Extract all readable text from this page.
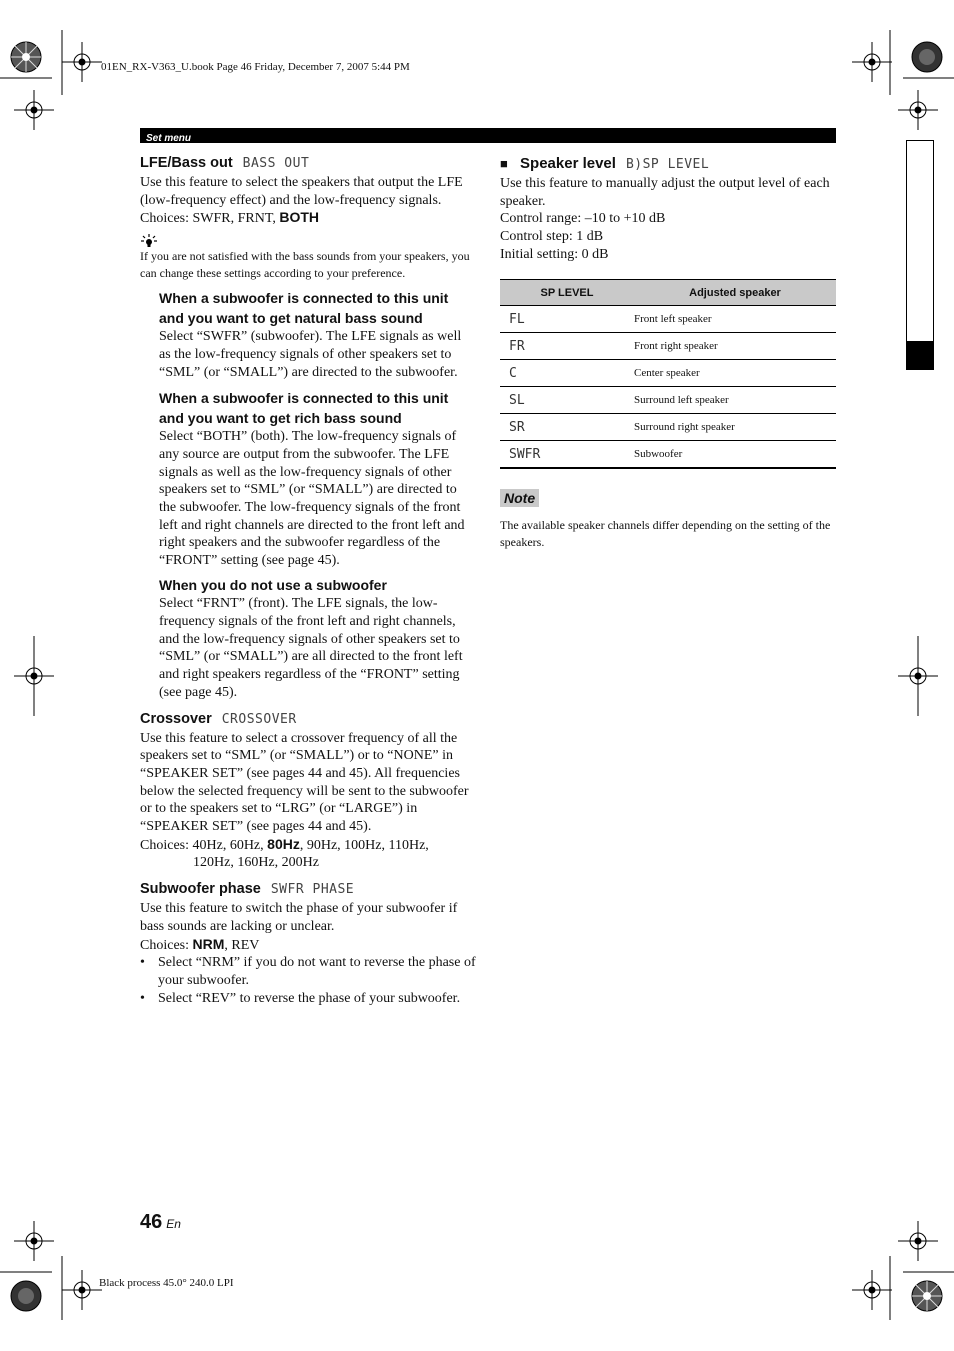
01EN_RX-V363_U.book Page 46 Friday, December 7, 2007 5:44 PM
Black process 45.0° 240.0 LPI
Set menu
LFE/Bass out BASS OUT

Use this feature to select the speakers that output the LFE (low-frequency effect) and the low-frequency signals.

Choices: SWFR, FRNT, BOTH

If you are not satisfied with the bass sounds from your speakers, you can change these settings according to your preference.

When a subwoofer is connected to this unit and you want to get natural bass sound

Select “SWFR” (subwoofer). The LFE signals as well as the low-frequency signals of other speakers set to “SML” (or “SMALL”) are directed to the subwoofer.

When a subwoofer is connected to this unit and you want to get rich bass sound

Select “BOTH” (both). The low-frequency signals of any source are output from the subwoofer. The LFE signals as well as the low-frequency signals of other speakers set to “SML” (or “SMALL”) are directed to the subwoofer. The low-frequency signals of the front left and right channels are directed to the front left and right speakers and the subwoofer regardless of the “FRONT” setting (see page 45).

When you do not use a subwoofer

Select “FRNT” (front). The LFE signals, the low-frequency signals of the front left and right channels, and the low-frequency signals of other speakers set to “SML” (or “SMALL”) are all directed to the front left and right speakers regardless of the “FRONT” setting (see page 45).

Crossover CROSSOVER

Use this feature to select a crossover frequency of all the speakers set to “SML” (or “SMALL”) or to “NONE” in “SPEAKER SET” (see pages 44 and 45). All frequencies below the selected frequency will be sent to the subwoofer or to the speakers set to “LRG” (or “LARGE”) in “SPEAKER SET” (see pages 44 and 45).

Choices: 40Hz, 60Hz, 80Hz, 90Hz, 100Hz, 110Hz,

120Hz, 160Hz, 200Hz

Subwoofer phase SWFR PHASE

Use this feature to switch the phase of your subwoofer if bass sounds are lacking or unclear.

Choices: NRM, REV

• Select “NRM” if you do not want to reverse the phase of your subwoofer.
• Select “REV” to reverse the phase of your subwoofer.
■ Speaker level B)SP LEVEL

Use this feature to manually adjust the output level of each speaker.

Control range: –10 to +10 dB

Control step: 1 dB

Initial setting: 0 dB

SP LEVEL	Adjusted speaker
FL	Front left speaker
FR	Front right speaker
C	Center speaker
SL	Surround left speaker
SR	Surround right speaker
SWFR	Subwoofer
Note

The available speaker channels differ depending on the setting of the speakers.

46 En
